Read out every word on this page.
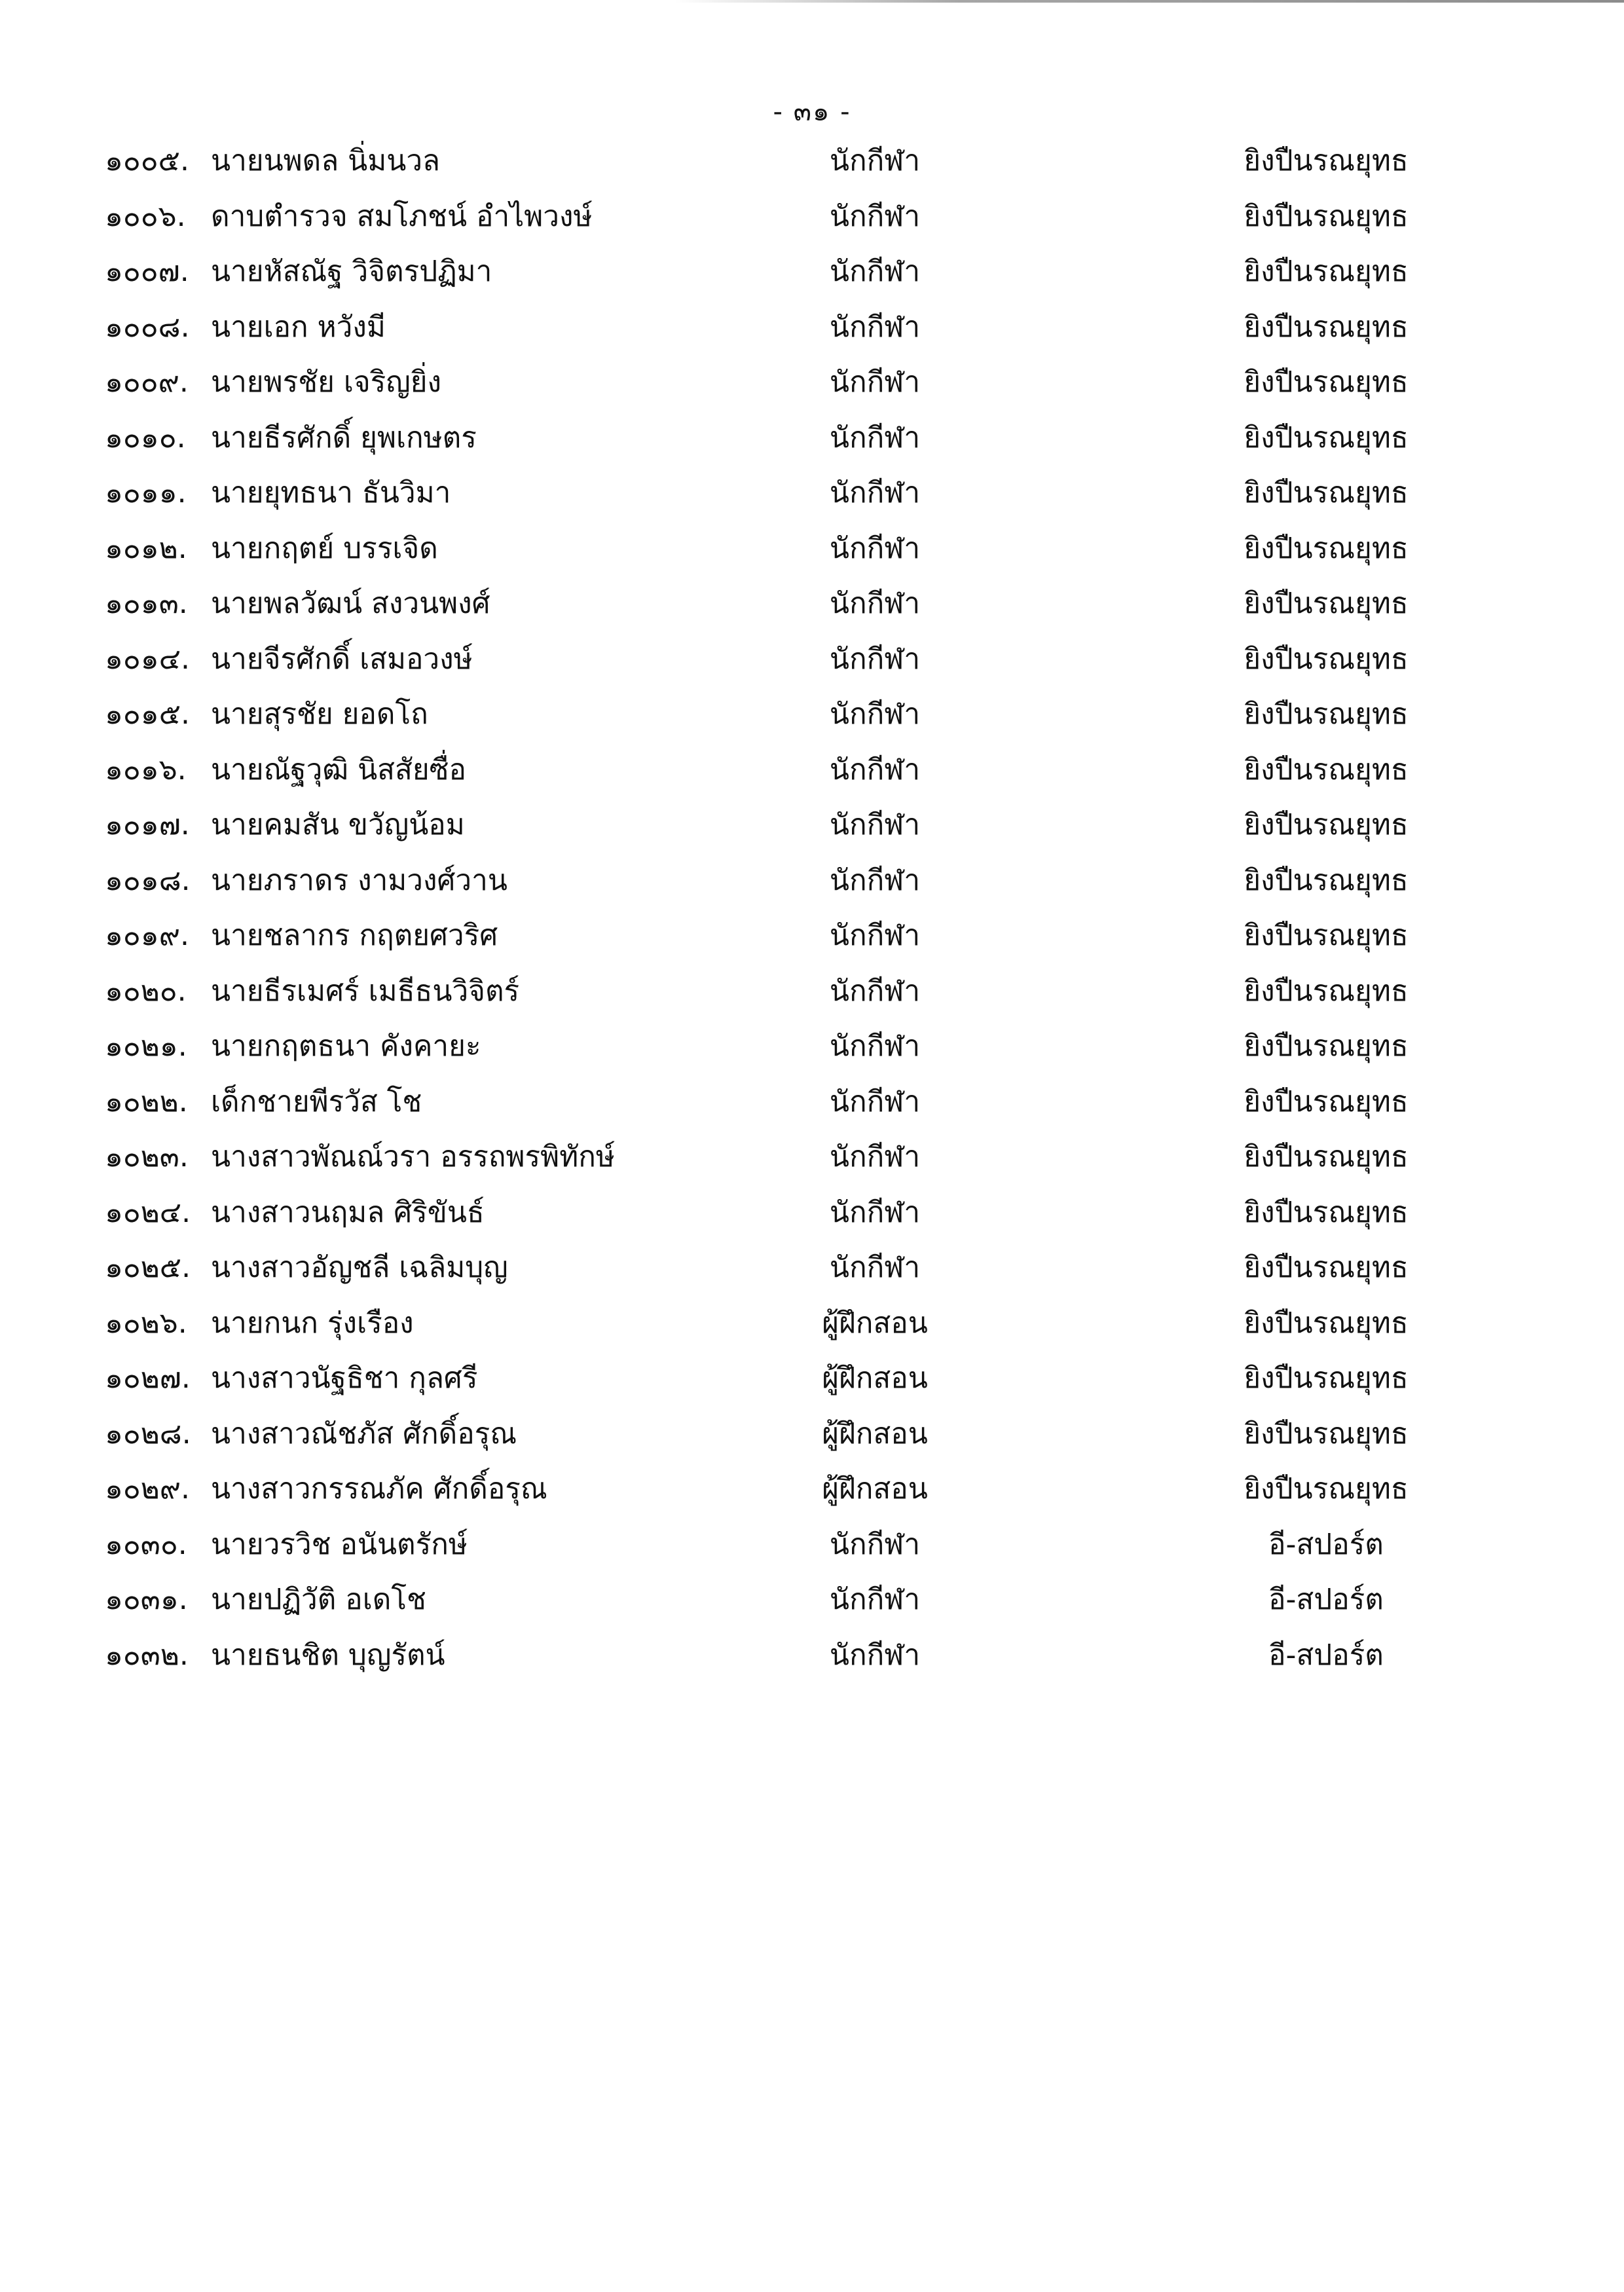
- ๓๑ -
๑๐๐๕. นายนพดล นิ่มนวล	นักกีฬา	ยิงปืนรณยุทธ
๑๐๐๖. ดาบตำรวจ สมโภชน์ อำไพวงษ์	นักกีฬา	ยิงปืนรณยุทธ
๑๐๐๗. นายหัสณัฐ วิจิตรปฏิมา	นักกีฬา	ยิงปืนรณยุทธ
๑๐๐๘. นายเอก หวังมี	นักกีฬา	ยิงปืนรณยุทธ
๑๐๐๙. นายพรชัย เจริญยิ่ง	นักกีฬา	ยิงปืนรณยุทธ
๑๐๑๐. นายธีรศักดิ์ ยุพเกษตร	นักกีฬา	ยิงปืนรณยุทธ
๑๐๑๑. นายยุทธนา ธันวิมา	นักกีฬา	ยิงปืนรณยุทธ
๑๐๑๒. นายกฤตย์ บรรเจิด	นักกีฬา	ยิงปืนรณยุทธ
๑๐๑๓. นายพลวัฒน์ สงวนพงศ์	นักกีฬา	ยิงปืนรณยุทธ
๑๐๑๔. นายจีรศักดิ์ เสมอวงษ์	นักกีฬา	ยิงปืนรณยุทธ
๑๐๑๕. นายสุรชัย ยอดโถ	นักกีฬา	ยิงปืนรณยุทธ
๑๐๑๖. นายณัฐวุฒิ นิสสัยซื่อ	นักกีฬา	ยิงปืนรณยุทธ
๑๐๑๗. นายคมสัน ขวัญน้อม	นักกีฬา	ยิงปืนรณยุทธ
๑๐๑๘. นายภราดร งามวงศ์วาน	นักกีฬา	ยิงปืนรณยุทธ
๑๐๑๙. นายชลากร กฤตยศวริศ	นักกีฬา	ยิงปืนรณยุทธ
๑๐๒๐. นายธีรเมศร์ เมธีธนวิจิตร์	นักกีฬา	ยิงปืนรณยุทธ
๑๐๒๑. นายกฤตธนา คังคายะ	นักกีฬา	ยิงปืนรณยุทธ
๑๐๒๒. เด็กชายพีรวัส โช	นักกีฬา	ยิงปืนรณยุทธ
๑๐๒๓. นางสาวพัณณ์วรา อรรถพรพิทักษ์	นักกีฬา	ยิงปืนรณยุทธ
๑๐๒๔. นางสาวนฤมล ศิริขันธ์	นักกีฬา	ยิงปืนรณยุทธ
๑๐๒๕. นางสาวอัญชลี เฉลิมบุญ	นักกีฬา	ยิงปืนรณยุทธ
๑๐๒๖. นายกนก รุ่งเรือง	ผู้ฝึกสอน	ยิงปืนรณยุทธ
๑๐๒๗. นางสาวนัฐธิชา กุลศรี	ผู้ฝึกสอน	ยิงปืนรณยุทธ
๑๐๒๘. นางสาวณัชภัส ศักดิ์อรุณ	ผู้ฝึกสอน	ยิงปืนรณยุทธ
๑๐๒๙. นางสาวกรรณภัค ศักดิ์อรุณ	ผู้ฝึกสอน	ยิงปืนรณยุทธ
๑๐๓๐. นายวรวิช อนันตรักษ์	นักกีฬา	อี-สปอร์ต
๑๐๓๑. นายปฏิวัติ อเดโช	นักกีฬา	อี-สปอร์ต
๑๐๓๒. นายธนชิต บุญรัตน์	นักกีฬา	อี-สปอร์ต
